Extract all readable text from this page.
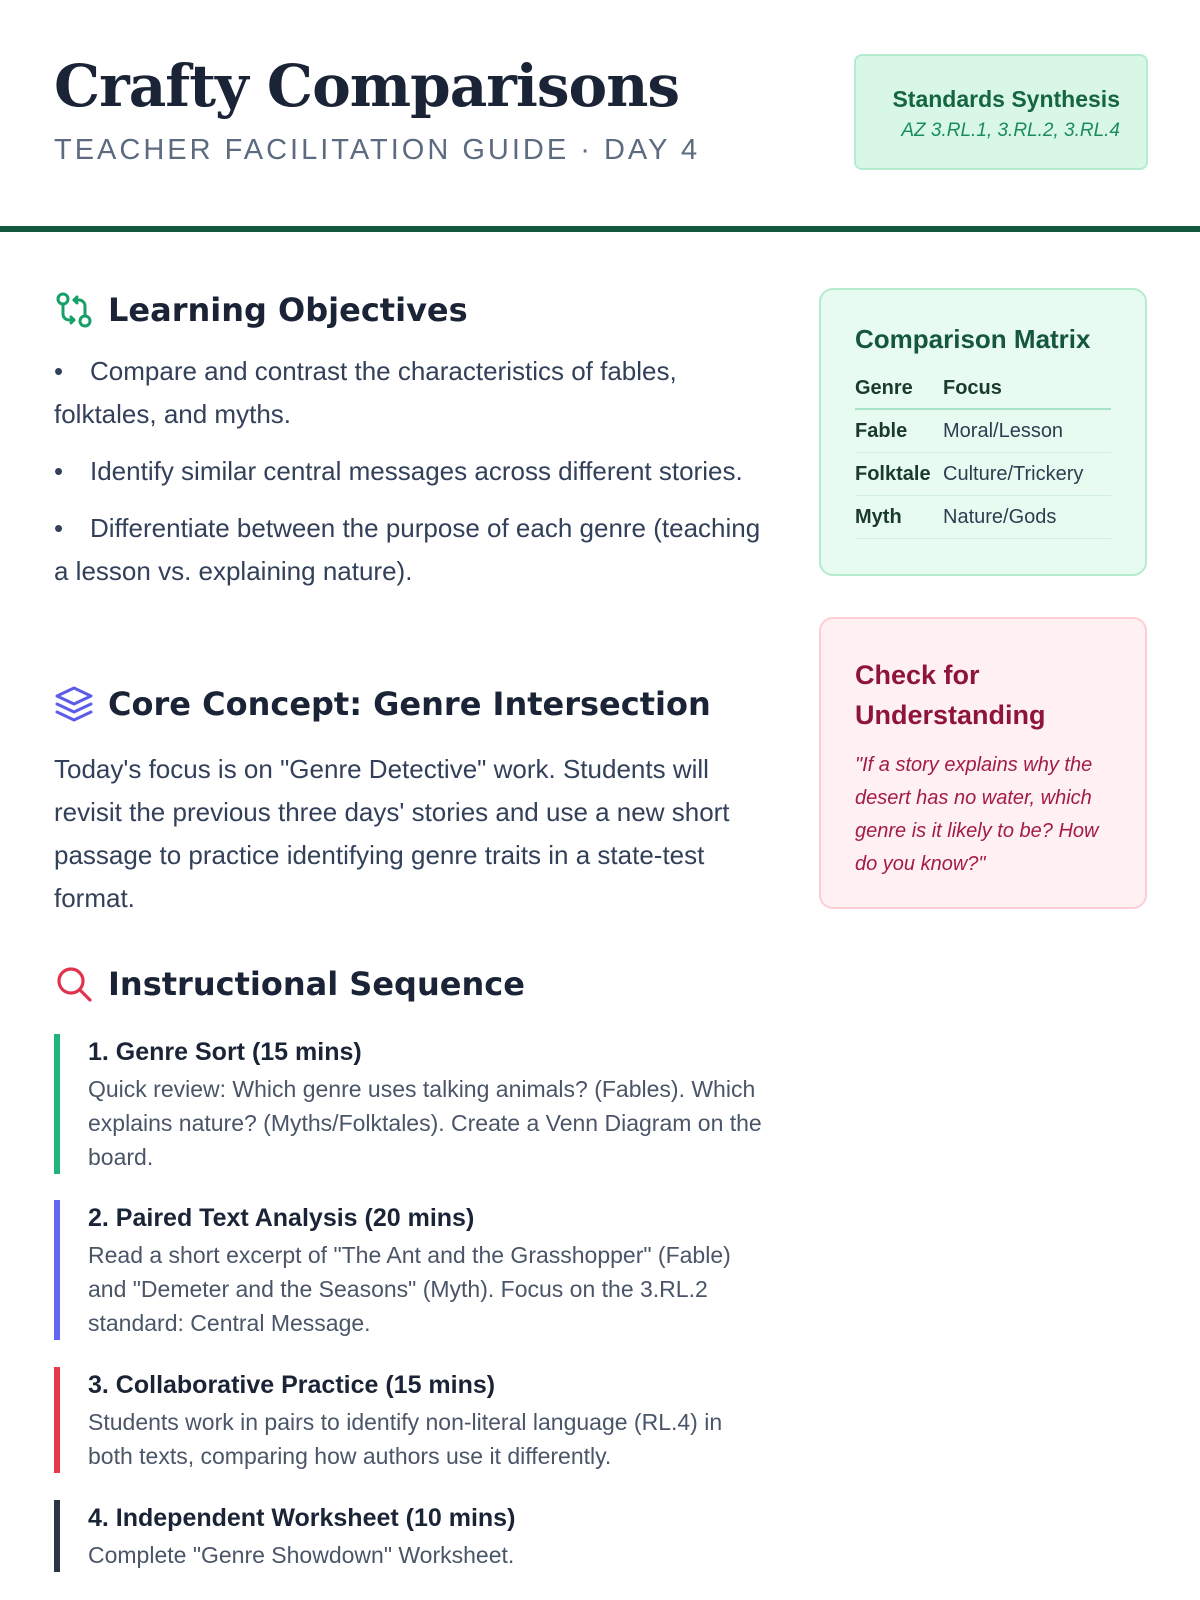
Crafty Comparisons
TEACHER FACILITATION GUIDE · DAY 4
Standards Synthesis
AZ 3.RL.1, 3.RL.2, 3.RL.4
Learning Objectives
• Compare and contrast the characteristics of fables, folktales, and myths.
• Identify similar central messages across different stories.
• Differentiate between the purpose of each genre (teaching a lesson vs. explaining nature).
Core Concept: Genre Intersection
Today's focus is on "Genre Detective" work. Students will revisit the previous three days' stories and use a new short passage to practice identifying genre traits in a state-test format.
Instructional Sequence
1. Genre Sort (15 mins)
Quick review: Which genre uses talking animals? (Fables). Which explains nature? (Myths/Folktales). Create a Venn Diagram on the board.
2. Paired Text Analysis (20 mins)
Read a short excerpt of "The Ant and the Grasshopper" (Fable) and "Demeter and the Seasons" (Myth). Focus on the 3.RL.2 standard: Central Message.
3. Collaborative Practice (15 mins)
Students work in pairs to identify non-literal language (RL.4) in both texts, comparing how authors use it differently.
4. Independent Worksheet (10 mins)
Complete "Genre Showdown" Worksheet.
Comparison Matrix
Genre	Focus
Fable	Moral/Lesson
Folktale	Culture/Trickery
Myth	Nature/Gods
Check for Understanding
"If a story explains why the desert has no water, which genre is it likely to be? How do you know?"
